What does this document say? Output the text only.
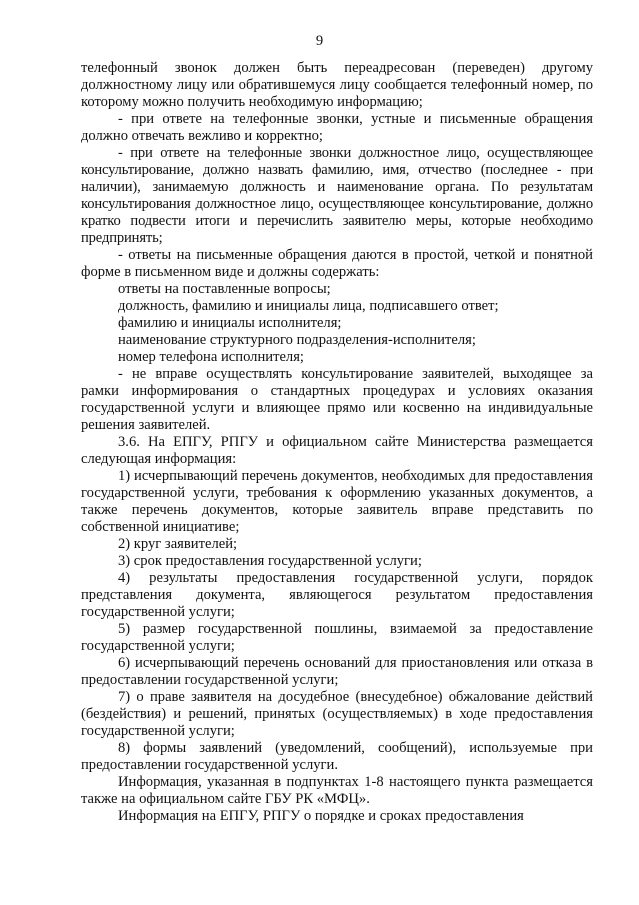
9

телефонный звонок должен быть переадресован (переведен) другому должностному лицу или обратившемуся лицу сообщается телефонный номер, по которому можно получить необходимую информацию;

- при ответе на телефонные звонки, устные и письменные обращения должно отвечать вежливо и корректно;

- при ответе на телефонные звонки должностное лицо, осуществляющее консультирование, должно назвать фамилию, имя, отчество (последнее - при наличии), занимаемую должность и наименование органа. По результатам консультирования должностное лицо, осуществляющее консультирование, должно кратко подвести итоги и перечислить заявителю меры, которые необходимо предпринять;

- ответы на письменные обращения даются в простой, четкой и понятной форме в письменном виде и должны содержать:

ответы на поставленные вопросы;

должность, фамилию и инициалы лица, подписавшего ответ;

фамилию и инициалы исполнителя;

наименование структурного подразделения-исполнителя;

номер телефона исполнителя;

- не вправе осуществлять консультирование заявителей, выходящее за рамки информирования о стандартных процедурах и условиях оказания государственной услуги и влияющее прямо или косвенно на индивидуальные решения заявителей.

3.6. На ЕПГУ, РПГУ и официальном сайте Министерства размещается следующая информация:

1) исчерпывающий перечень документов, необходимых для предоставления государственной услуги, требования к оформлению указанных документов, а также перечень документов, которые заявитель вправе представить по собственной инициативе;

2) круг заявителей;

3) срок предоставления государственной услуги;

4) результаты предоставления государственной услуги, порядок представления документа, являющегося результатом предоставления государственной услуги;

5) размер государственной пошлины, взимаемой за предоставление государственной услуги;

6) исчерпывающий перечень оснований для приостановления или отказа в предоставлении государственной услуги;

7) о праве заявителя на досудебное (внесудебное) обжалование действий (бездействия) и решений, принятых (осуществляемых) в ходе предоставления государственной услуги;

8) формы заявлений (уведомлений, сообщений), используемые при предоставлении государственной услуги.

Информация, указанная в подпунктах 1-8 настоящего пункта размещается также на официальном сайте ГБУ РК «МФЦ».

Информация на ЕПГУ, РПГУ о порядке и сроках предоставления
